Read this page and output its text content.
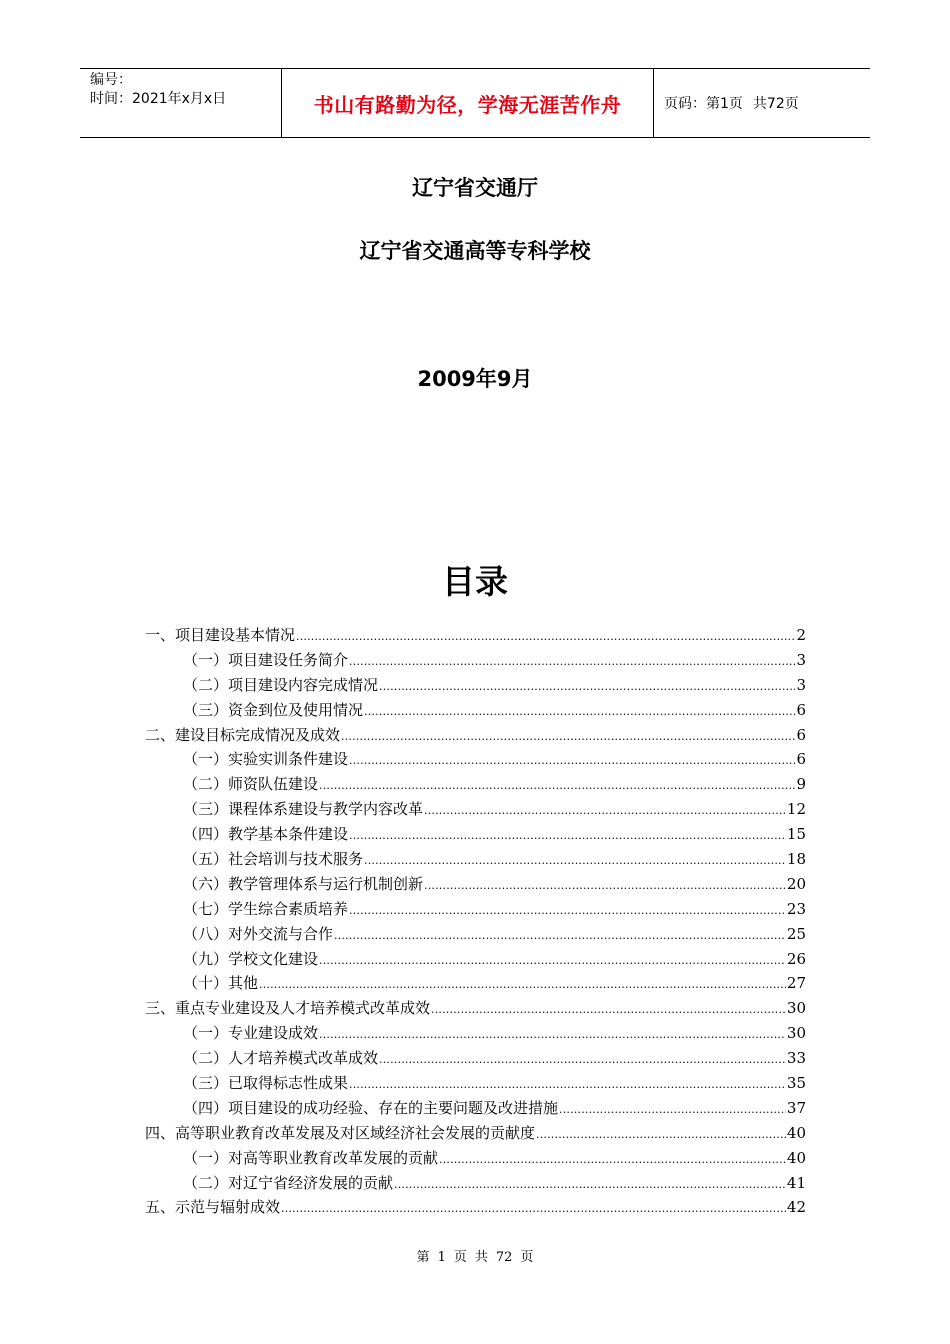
编号：
时间：2021年x月x日	书山有路勤为径，学海无涯苦作舟	页码：第1页 共72页
辽宁省交通厅
辽宁省交通高等专科学校
2009年9月
目录
一、项目建设基本情况 .....	2
（一）项目建设任务简介 .....	3
（二）项目建设内容完成情况 .....	3
（三）资金到位及使用情况 .....	6
二、建设目标完成情况及成效 .....	6
（一）实验实训条件建设 .....	6
（二）师资队伍建设 .....	9
（三）课程体系建设与教学内容改革 .....	12
（四）教学基本条件建设 .....	15
（五）社会培训与技术服务 .....	18
（六）教学管理体系与运行机制创新 .....	20
（七）学生综合素质培养 .....	23
（八）对外交流与合作 .....	25
（九）学校文化建设 .....	26
（十）其他 .....	27
三、重点专业建设及人才培养模式改革成效 .....	30
（一）专业建设成效 .....	30
（二）人才培养模式改革成效 .....	33
（三）已取得标志性成果 .....	35
（四）项目建设的成功经验、存在的主要问题及改进措施 .....	37
四、高等职业教育改革发展及对区域经济社会发展的贡献度 .....	40
（一）对高等职业教育改革发展的贡献 .....	40
（二）对辽宁省经济发展的贡献 .....	41
五、示范与辐射成效 .....	42
第 1 页 共 72 页
